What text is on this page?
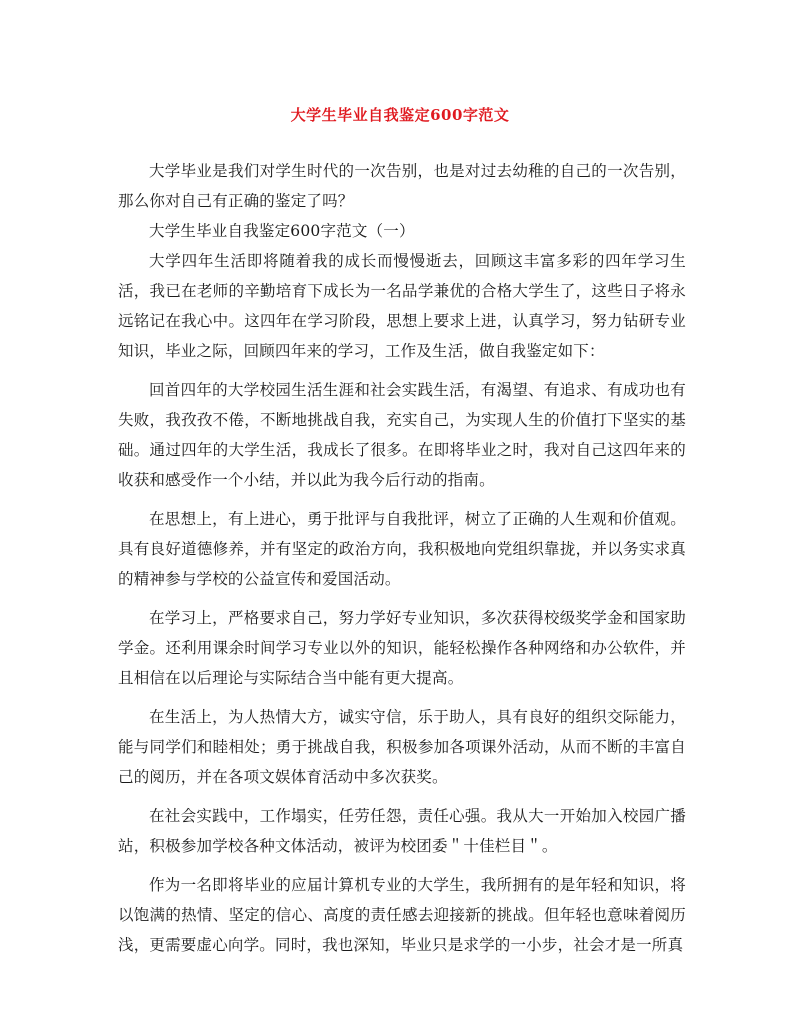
大学生毕业自我鉴定600字范文

大学毕业是我们对学生时代的一次告别，也是对过去幼稚的自己的一次告别，那么你对自己有正确的鉴定了吗？

大学生毕业自我鉴定600字范文（一）

大学四年生活即将随着我的成长而慢慢逝去，回顾这丰富多彩的四年学习生活，我已在老师的辛勤培育下成长为一名品学兼优的合格大学生了，这些日子将永远铭记在我心中。这四年在学习阶段，思想上要求上进，认真学习，努力钻研专业知识，毕业之际，回顾四年来的学习，工作及生活，做自我鉴定如下：

回首四年的大学校园生活生涯和社会实践生活，有渴望、有追求、有成功也有失败，我孜孜不倦，不断地挑战自我，充实自己，为实现人生的价值打下坚实的基础。通过四年的大学生活，我成长了很多。在即将毕业之时，我对自己这四年来的收获和感受作一个小结，并以此为我今后行动的指南。

在思想上，有上进心，勇于批评与自我批评，树立了正确的人生观和价值观。具有良好道德修养，并有坚定的政治方向，我积极地向党组织靠拢，并以务实求真的精神参与学校的公益宣传和爱国活动。

在学习上，严格要求自己，努力学好专业知识，多次获得校级奖学金和国家助学金。还利用课余时间学习专业以外的知识，能轻松操作各种网络和办公软件，并且相信在以后理论与实际结合当中能有更大提高。

在生活上，为人热情大方，诚实守信，乐于助人，具有良好的组织交际能力，能与同学们和睦相处；勇于挑战自我，积极参加各项课外活动，从而不断的丰富自己的阅历，并在各项文娱体育活动中多次获奖。

在社会实践中，工作塌实，任劳任怨，责任心强。我从大一开始加入校园广播站，积极参加学校各种文体活动，被评为校团委＂十佳栏目＂。

作为一名即将毕业的应届计算机专业的大学生，我所拥有的是年轻和知识，将以饱满的热情、坚定的信心、高度的责任感去迎接新的挑战。但年轻也意味着阅历浅，更需要虚心向学。同时，我也深知，毕业只是求学的一小步，社会才是一所真
